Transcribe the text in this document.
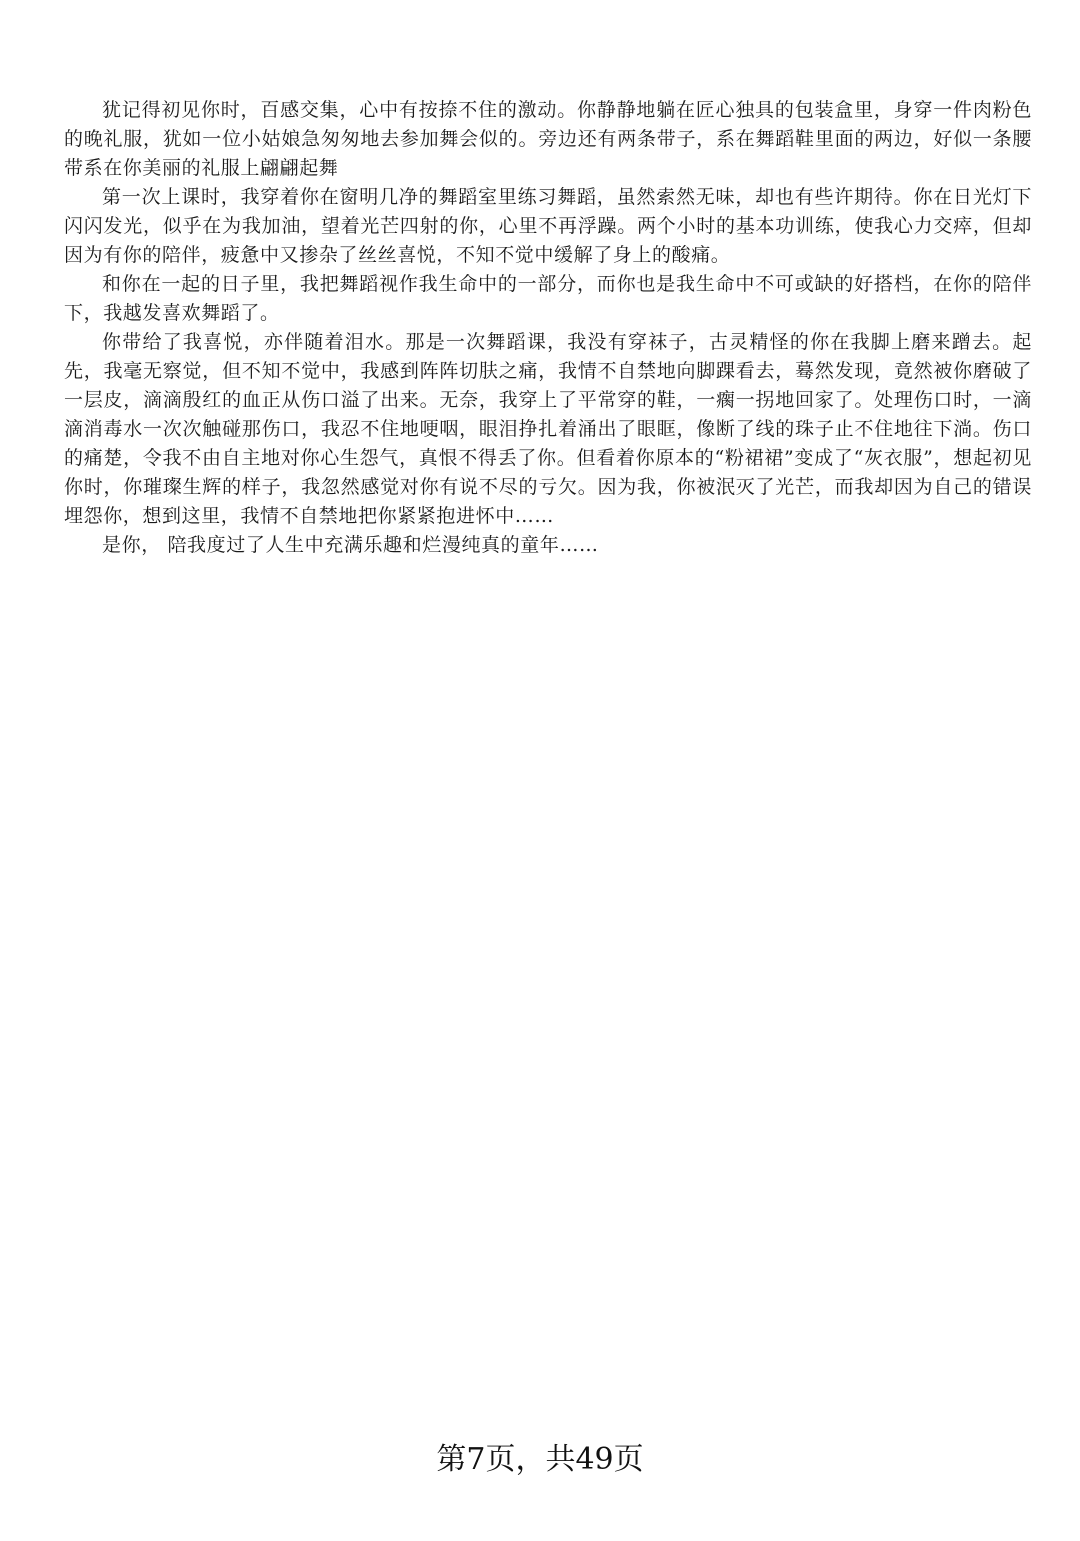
犹记得初见你时，百感交集，心中有按捺不住的激动。你静静地躺在匠心独具的包装盒里，身穿一件肉粉色的晚礼服，犹如一位小姑娘急匆匆地去参加舞会似的。旁边还有两条带子，系在舞蹈鞋里面的两边，好似一条腰带系在你美丽的礼服上翩翩起舞

第一次上课时，我穿着你在窗明几净的舞蹈室里练习舞蹈，虽然索然无味，却也有些许期待。你在日光灯下闪闪发光，似乎在为我加油，望着光芒四射的你，心里不再浮躁。两个小时的基本功训练，使我心力交瘁，但却因为有你的陪伴，疲惫中又掺杂了丝丝喜悦，不知不觉中缓解了身上的酸痛。

和你在一起的日子里，我把舞蹈视作我生命中的一部分，而你也是我生命中不可或缺的好搭档，在你的陪伴下，我越发喜欢舞蹈了。

你带给了我喜悦，亦伴随着泪水。那是一次舞蹈课，我没有穿袜子，古灵精怪的你在我脚上磨来蹭去。起先，我毫无察觉，但不知不觉中，我感到阵阵切肤之痛，我情不自禁地向脚踝看去，蓦然发现，竟然被你磨破了一层皮，滴滴殷红的血正从伤口溢了出来。无奈，我穿上了平常穿的鞋，一瘸一拐地回家了。处理伤口时，一滴滴消毒水一次次触碰那伤口，我忍不住地哽咽，眼泪挣扎着涌出了眼眶，像断了线的珠子止不住地往下淌。伤口的痛楚，令我不由自主地对你心生怨气，真恨不得丢了你。但看着你原本的“粉裙裙”变成了“灰衣服”，想起初见你时，你璀璨生辉的样子，我忽然感觉对你有说不尽的亏欠。因为我，你被泯灭了光芒，而我却因为自己的错误埋怨你，想到这里，我情不自禁地把你紧紧抱进怀中……

是你， 陪我度过了人生中充满乐趣和烂漫纯真的童年……

第7页，共49页
